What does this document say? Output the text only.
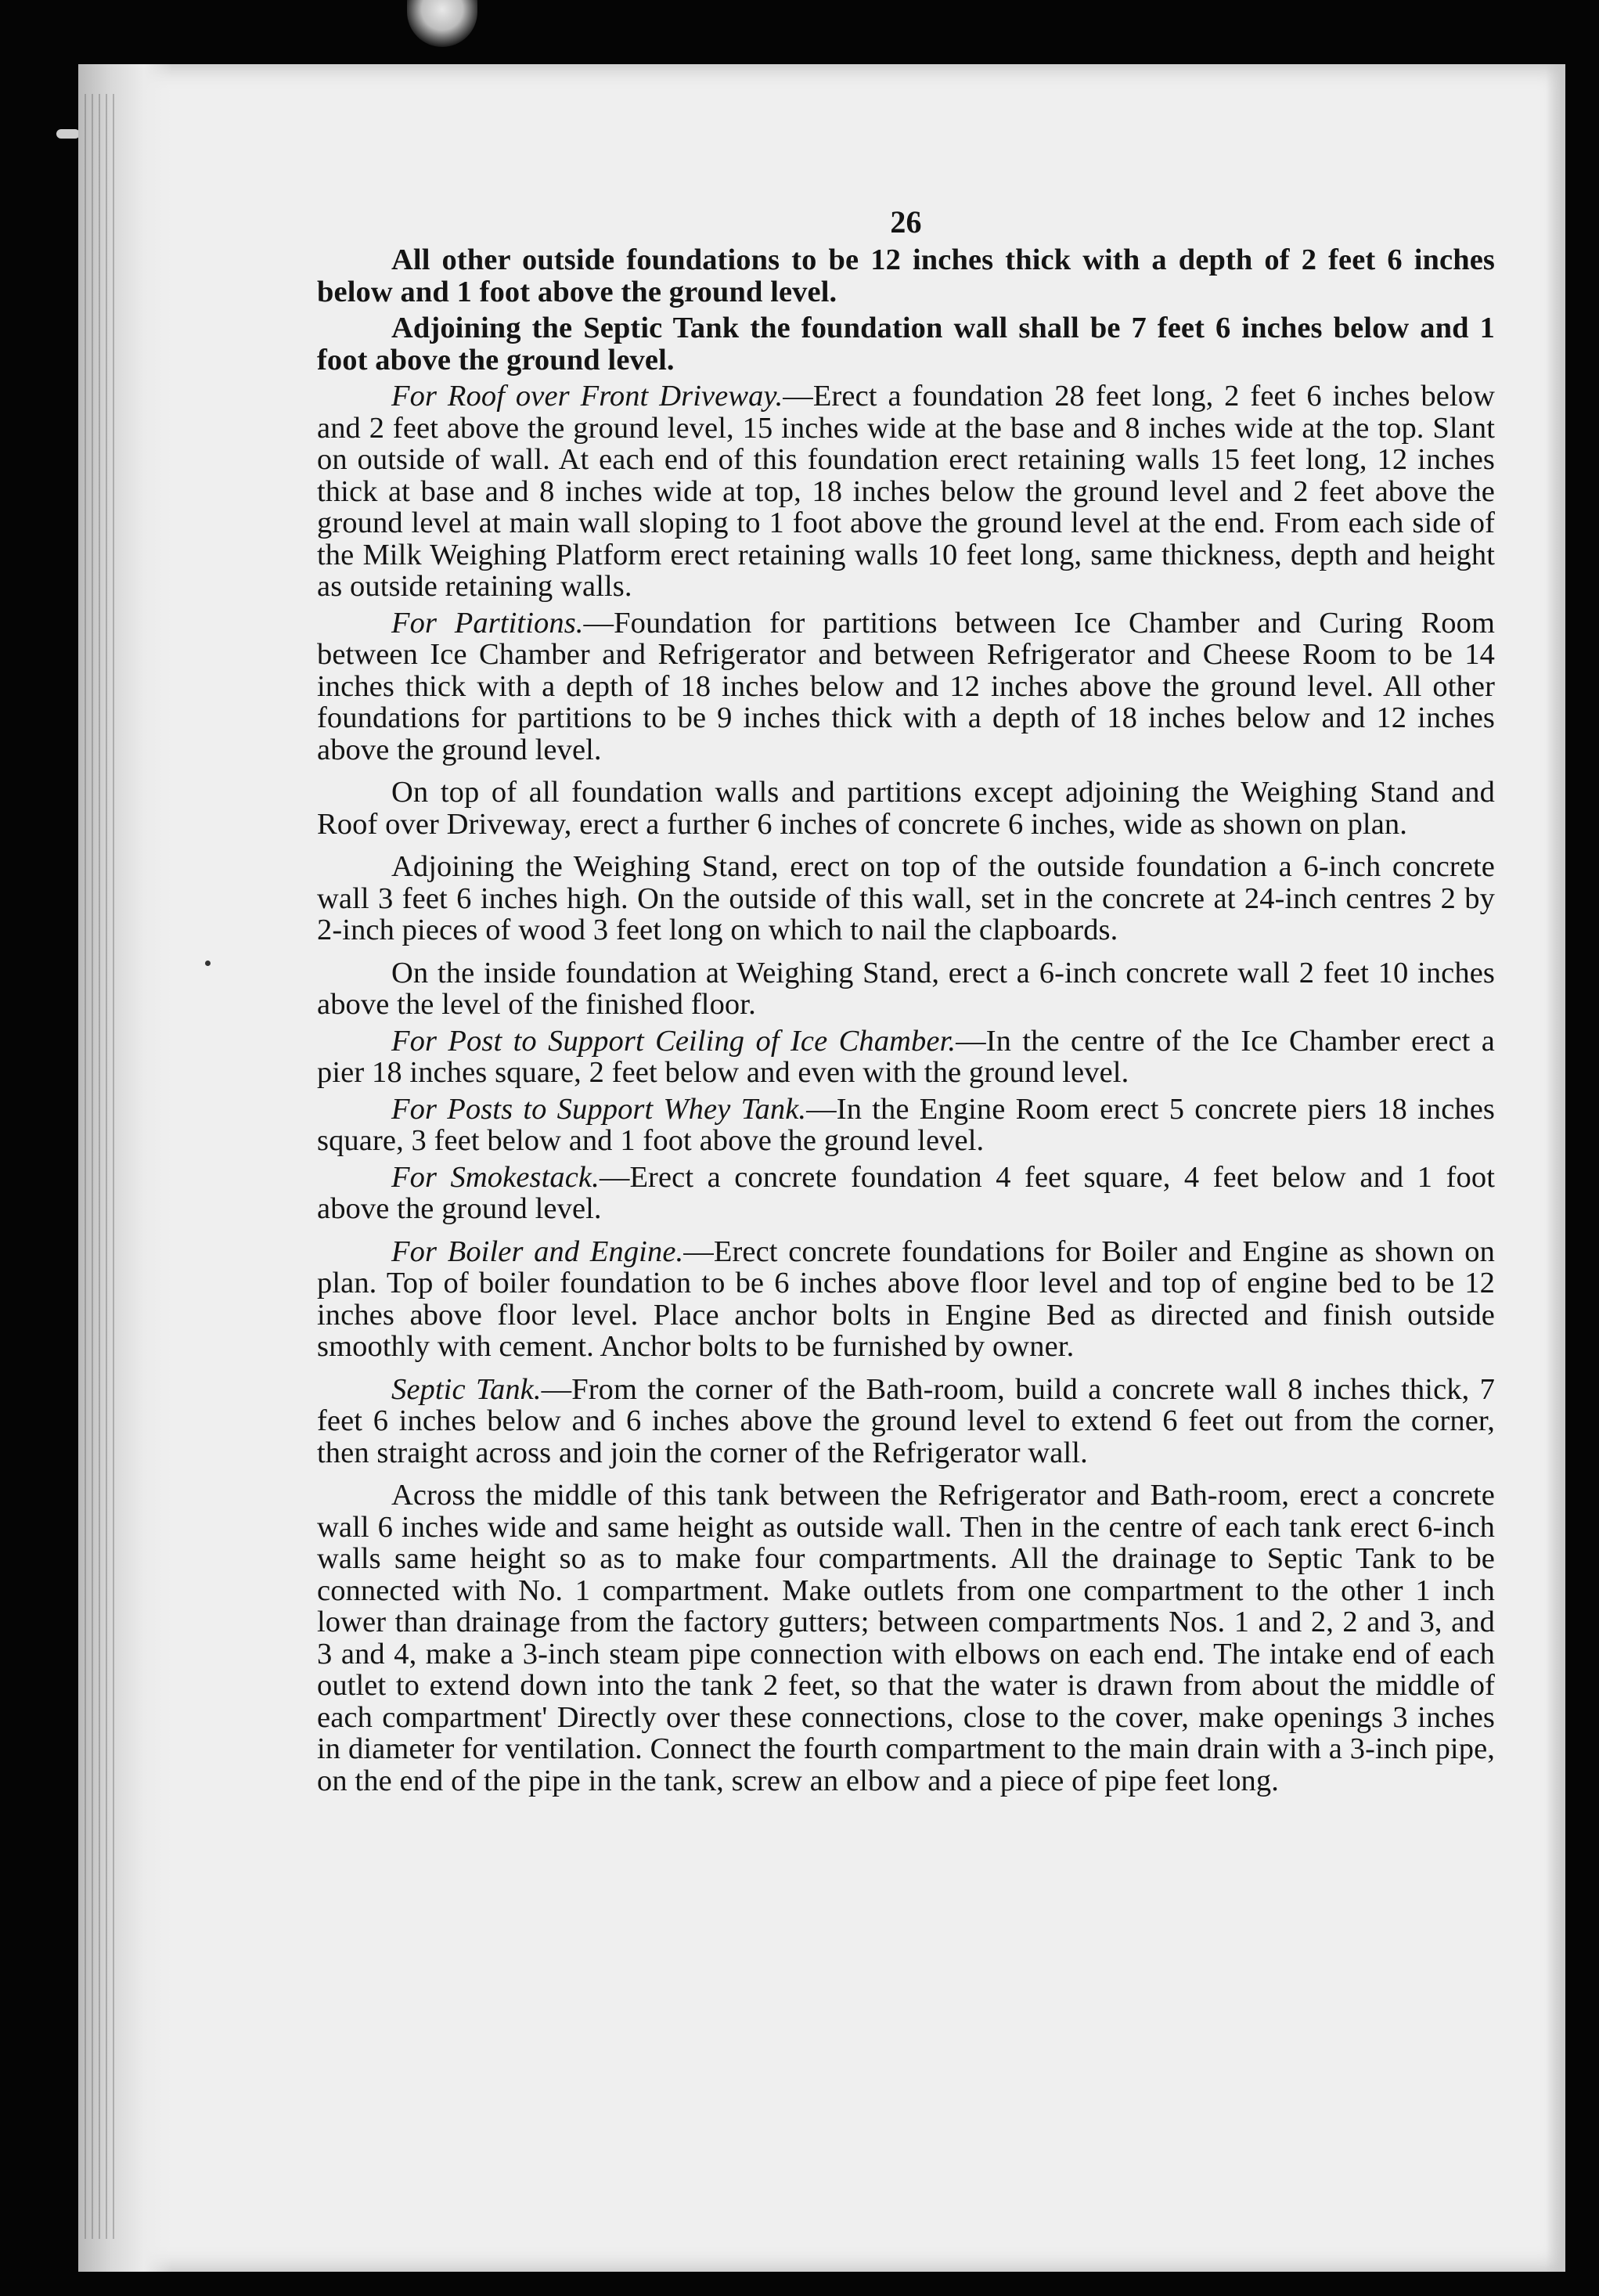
26

All other outside foundations to be 12 inches thick with a depth of 2 feet 6 inches below and 1 foot above the ground level.

Adjoining the Septic Tank the foundation wall shall be 7 feet 6 inches below and 1 foot above the ground level.

For Roof over Front Driveway.—Erect a foundation 28 feet long, 2 feet 6 inches below and 2 feet above the ground level, 15 inches wide at the base and 8 inches wide at the top. Slant on outside of wall. At each end of this foundation erect retaining walls 15 feet long, 12 inches thick at base and 8 inches wide at top, 18 inches below the ground level and 2 feet above the ground level at main wall sloping to 1 foot above the ground level at the end. From each side of the Milk Weighing Platform erect retaining walls 10 feet long, same thickness, depth and height as outside retaining walls.

For Partitions.—Foundation for partitions between Ice Chamber and Curing Room between Ice Chamber and Refrigerator and between Refrigerator and Cheese Room to be 14 inches thick with a depth of 18 inches below and 12 inches above the ground level. All other foundations for partitions to be 9 inches thick with a depth of 18 inches below and 12 inches above the ground level.

On top of all foundation walls and partitions except adjoining the Weighing Stand and Roof over Driveway, erect a further 6 inches of concrete 6 inches, wide as shown on plan.

Adjoining the Weighing Stand, erect on top of the outside foundation a 6-inch concrete wall 3 feet 6 inches high. On the outside of this wall, set in the concrete at 24-inch centres 2 by 2-inch pieces of wood 3 feet long on which to nail the clapboards.

On the inside foundation at Weighing Stand, erect a 6-inch concrete wall 2 feet 10 inches above the level of the finished floor.

For Post to Support Ceiling of Ice Chamber.—In the centre of the Ice Chamber erect a pier 18 inches square, 2 feet below and even with the ground level.

For Posts to Support Whey Tank.—In the Engine Room erect 5 concrete piers 18 inches square, 3 feet below and 1 foot above the ground level.

For Smokestack.—Erect a concrete foundation 4 feet square, 4 feet below and 1 foot above the ground level.

For Boiler and Engine.—Erect concrete foundations for Boiler and Engine as shown on plan. Top of boiler foundation to be 6 inches above floor level and top of engine bed to be 12 inches above floor level. Place anchor bolts in Engine Bed as directed and finish outside smoothly with cement. Anchor bolts to be furnished by owner.

Septic Tank.—From the corner of the Bath-room, build a concrete wall 8 inches thick, 7 feet 6 inches below and 6 inches above the ground level to extend 6 feet out from the corner, then straight across and join the corner of the Refrigerator wall.

Across the middle of this tank between the Refrigerator and Bath-room, erect a concrete wall 6 inches wide and same height as outside wall. Then in the centre of each tank erect 6-inch walls same height so as to make four compartments. All the drainage to Septic Tank to be connected with No. 1 compartment. Make outlets from one compartment to the other 1 inch lower than drainage from the factory gutters; between compartments Nos. 1 and 2, 2 and 3, and 3 and 4, make a 3-inch steam pipe connection with elbows on each end. The intake end of each outlet to extend down into the tank 2 feet, so that the water is drawn from about the middle of each compartment' Directly over these connections, close to the cover, make openings 3 inches in diameter for ventilation. Connect the fourth compartment to the main drain with a 3-inch pipe, on the end of the pipe in the tank, screw an elbow and a piece of pipe feet long.
